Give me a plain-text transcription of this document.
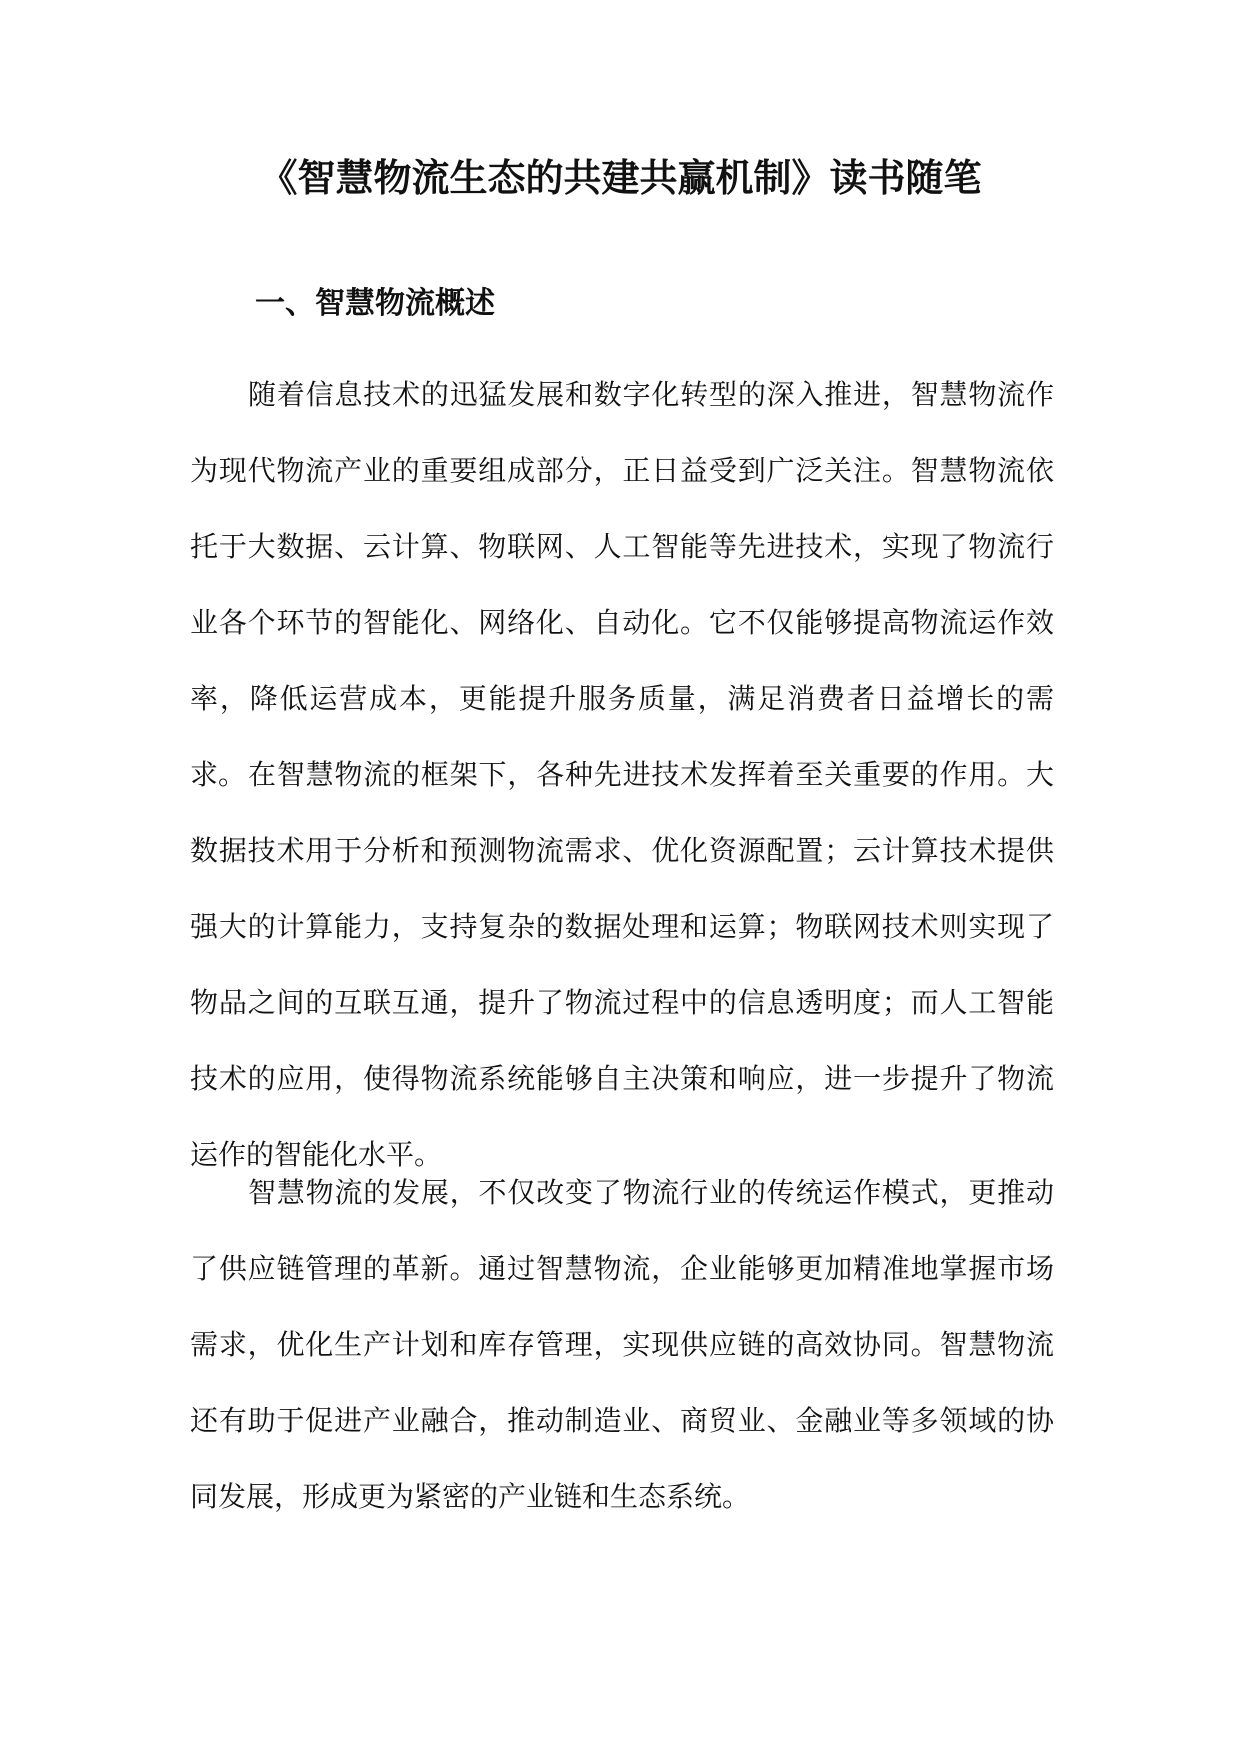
《智慧物流生态的共建共赢机制》读书随笔
一、智慧物流概述

随着信息技术的迅猛发展和数字化转型的深入推进，智慧物流作为现代物流产业的重要组成部分，正日益受到广泛关注。智慧物流依托于大数据、云计算、物联网、人工智能等先进技术，实现了物流行业各个环节的智能化、网络化、自动化。它不仅能够提高物流运作效率，降低运营成本，更能提升服务质量，满足消费者日益增长的需求。 在智慧物流的框架下，各种先进技术发挥着至关重要的作用。大数据技术用于分析和预测物流需求、优化资源配置；云计算技术提供强大的计算能力，支持复杂的数据处理和运算；物联网技术则实现了物品之间的互联互通，提升了物流过程中的信息透明度；而人工智能技术的应用，使得物流系统能够自主决策和响应，进一步提升了物流运作的智能化水平。

智慧物流的发展，不仅改变了物流行业的传统运作模式，更推动了供应链管理的革新。通过智慧物流，企业能够更加精准地掌握市场需求，优化生产计划和库存管理，实现供应链的高效协同。智慧物流还有助于促进产业融合，推动制造业、商贸业、金融业等多领域的协同发展，形成更为紧密的产业链和生态系统。
